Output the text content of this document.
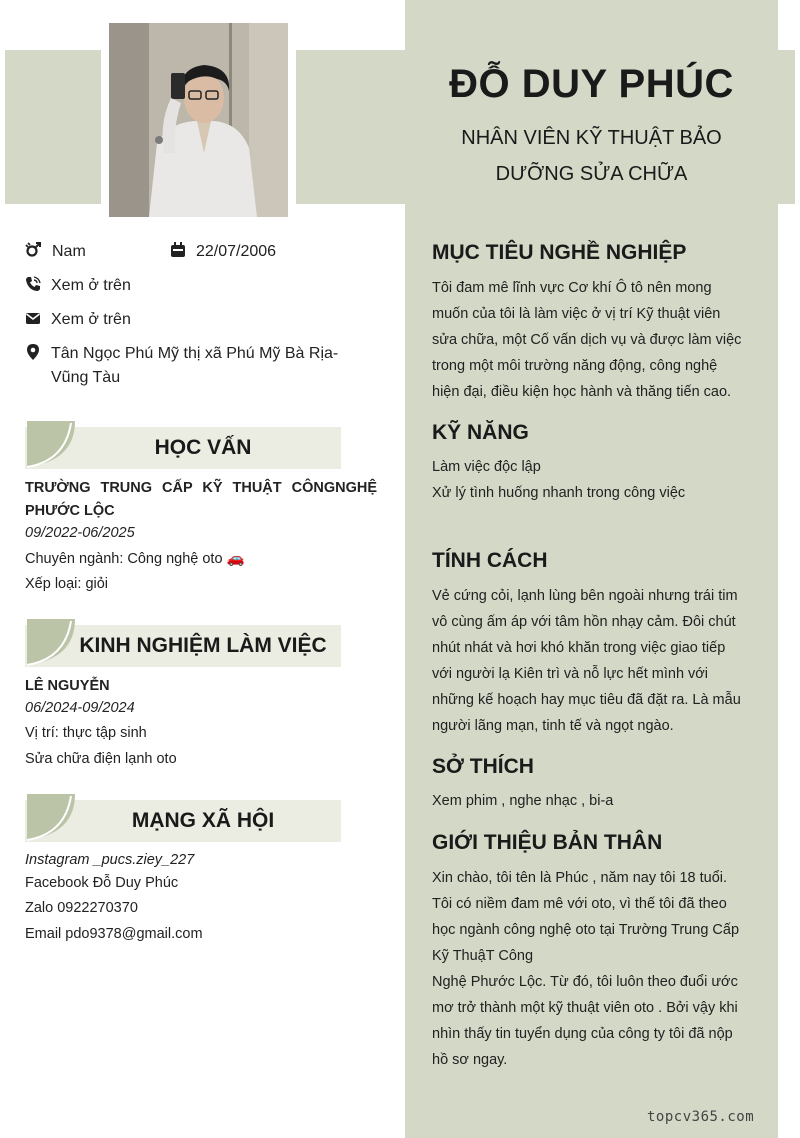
ĐỖ DUY PHÚC
NHÂN VIÊN KỸ THUẬT BẢO
DƯỠNG SỬA CHỮA
Nam	22/07/2006
Xem ở trên
Xem ở trên
Tân Ngọc Phú Mỹ thị xã Phú Mỹ Bà Rịa-
Vũng Tàu
HỌC VẤN
TRƯỜNG TRUNG CẤP KỸ THUẬT CÔNGNGHỆ
PHƯỚC LỘC
09/2022-06/2025
Chuyên ngành: Công nghệ oto 🚗
Xếp loại: giỏi
KINH NGHIỆM LÀM VIỆC
LÊ NGUYỄN
06/2024-09/2024
Vị trí: thực tập sinh
Sửa chữa điện lạnh oto
MẠNG XÃ HỘI
Instagram _pucs.ziey_227
Facebook Đỗ Duy Phúc
Zalo 0922270370
Email pdo9378@gmail.com
MỤC TIÊU NGHỀ NGHIỆP
Tôi đam mê lĩnh vực Cơ khí Ô tô nên mong
muốn của tôi là làm việc ở vị trí Kỹ thuật viên
sửa chữa, một Cố vấn dịch vụ và được làm việc
trong một môi trường năng động, công nghệ
hiện đại, điều kiện học hành và thăng tiến cao.
KỸ NĂNG
Làm việc độc lập
Xử lý tình huống nhanh trong công việc
TÍNH CÁCH
Vẻ cứng cỏi, lạnh lùng bên ngoài nhưng trái tim
vô cùng ấm áp với tâm hồn nhạy cảm. Đôi chút
nhút nhát và hơi khó khăn trong việc giao tiếp
với người lạ Kiên trì và nỗ lực hết mình với
những kế hoạch hay mục tiêu đã đặt ra. Là mẫu
người lãng mạn, tinh tế và ngọt ngào.
SỞ THÍCH
Xem phim , nghe nhạc , bi-a
GIỚI THIỆU BẢN THÂN
Xin chào, tôi tên là Phúc , năm nay tôi 18 tuổi.
Tôi có niềm đam mê với oto, vì thế tôi đã theo
học ngành công nghệ oto tại Trường Trung Cấp
Kỹ ThuậT Công
Nghệ Phước Lộc. Từ đó, tôi luôn theo đuổi ước
mơ trở thành một kỹ thuật viên oto . Bởi vậy khi
nhìn thấy tin tuyển dụng của công ty tôi đã nộp
hồ sơ ngay.
topcv365.com
